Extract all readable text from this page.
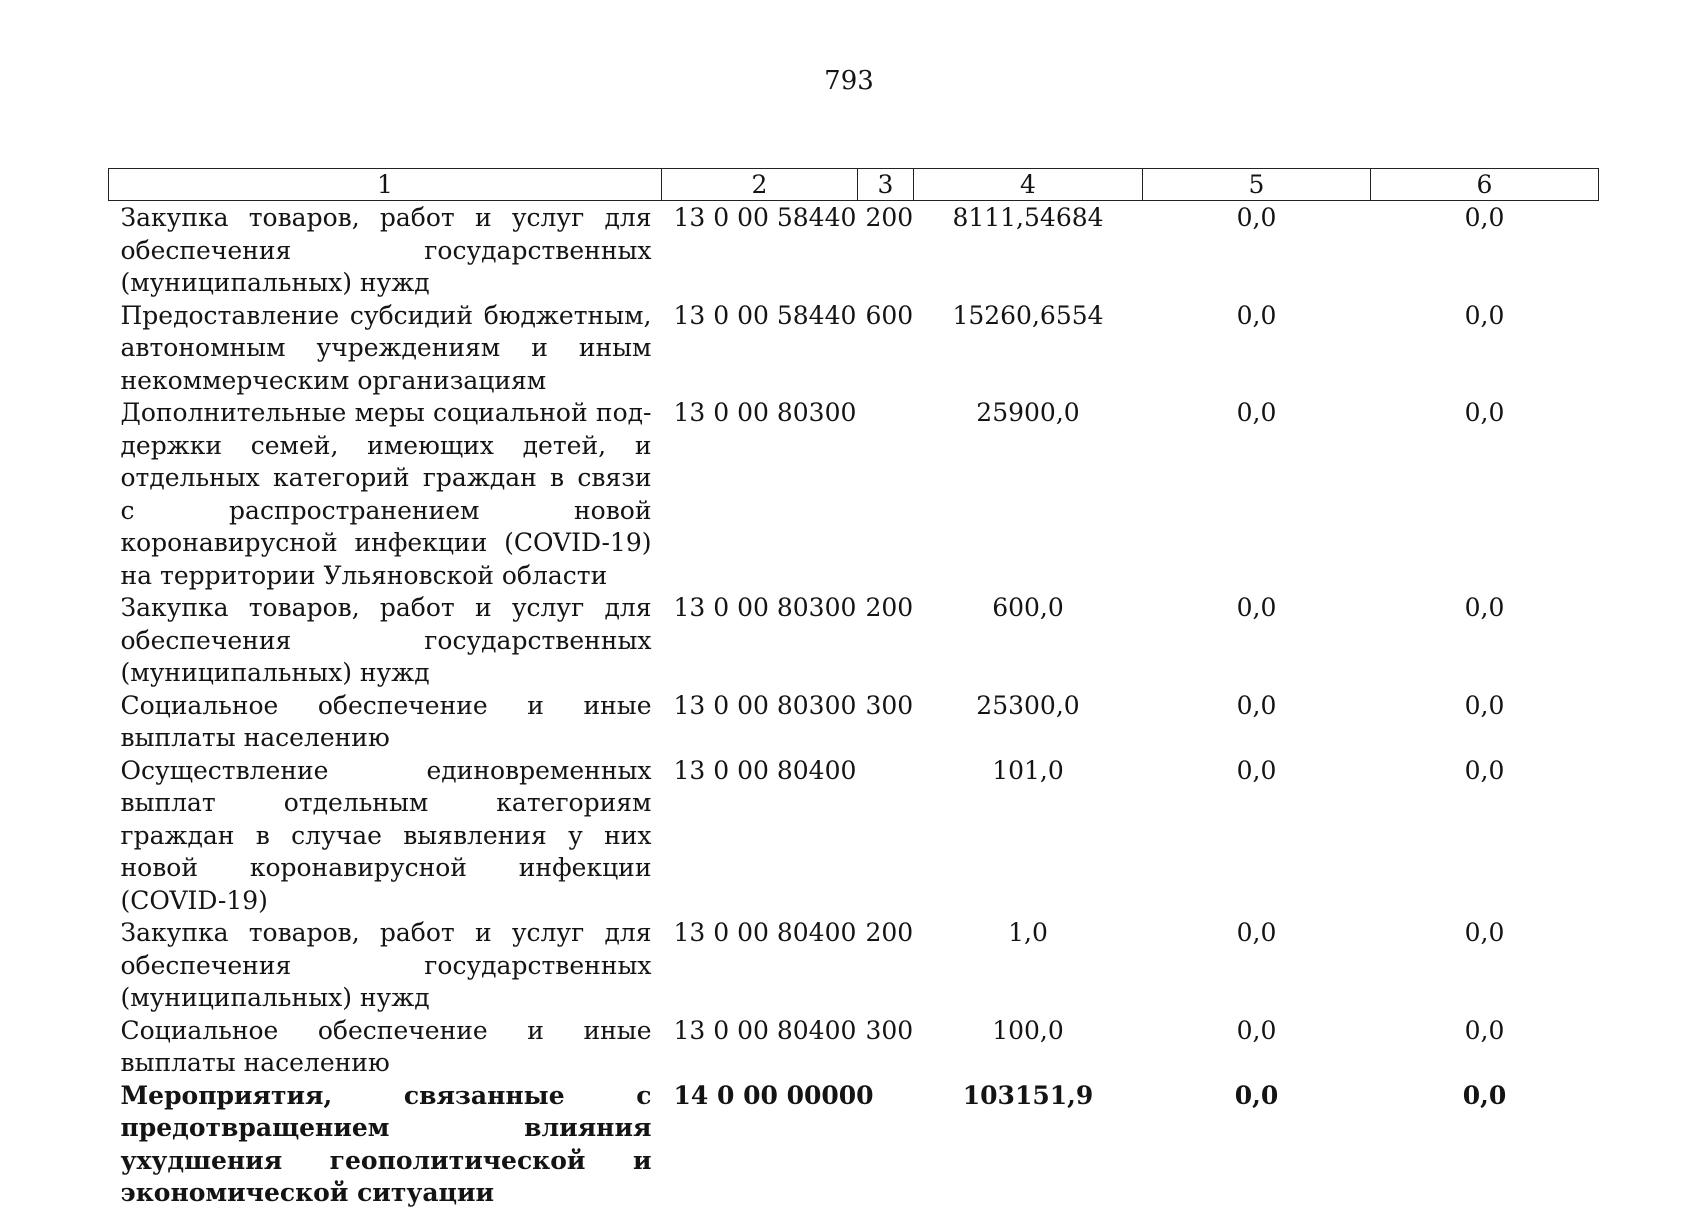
793
1	2	3	4	5	6
Закупка товаров, работ и услуг для обеспечения государственных (муниципальных) нужд	13 0 00 58440	200	8111,54684	0,0	0,0
Предоставление субсидий бюджетным, автономным учреждениям и иным некоммерческим организациям	13 0 00 58440	600	15260,6554	0,0	0,0
Дополнительные меры социальной поддержки семей, имеющих детей, и отдельных категорий граждан в связи с распространением новой коронавирусной инфекции (COVID-19) на территории Ульяновской области	13 0 00 80300		25900,0	0,0	0,0
Закупка товаров, работ и услуг для обеспечения государственных (муниципальных) нужд	13 0 00 80300	200	600,0	0,0	0,0
Социальное обеспечение и иные выплаты населению	13 0 00 80300	300	25300,0	0,0	0,0
Осуществление единовременных выплат отдельным категориям граждан в случае выявления у них новой коронавирусной инфекции (COVID-19)	13 0 00 80400		101,0	0,0	0,0
Закупка товаров, работ и услуг для обеспечения государственных (муниципальных) нужд	13 0 00 80400	200	1,0	0,0	0,0
Социальное обеспечение и иные выплаты населению	13 0 00 80400	300	100,0	0,0	0,0
Мероприятия, связанные с предотвращением влияния ухудшения геополитической и экономической ситуации	14 0 00 00000		103151,9	0,0	0,0
